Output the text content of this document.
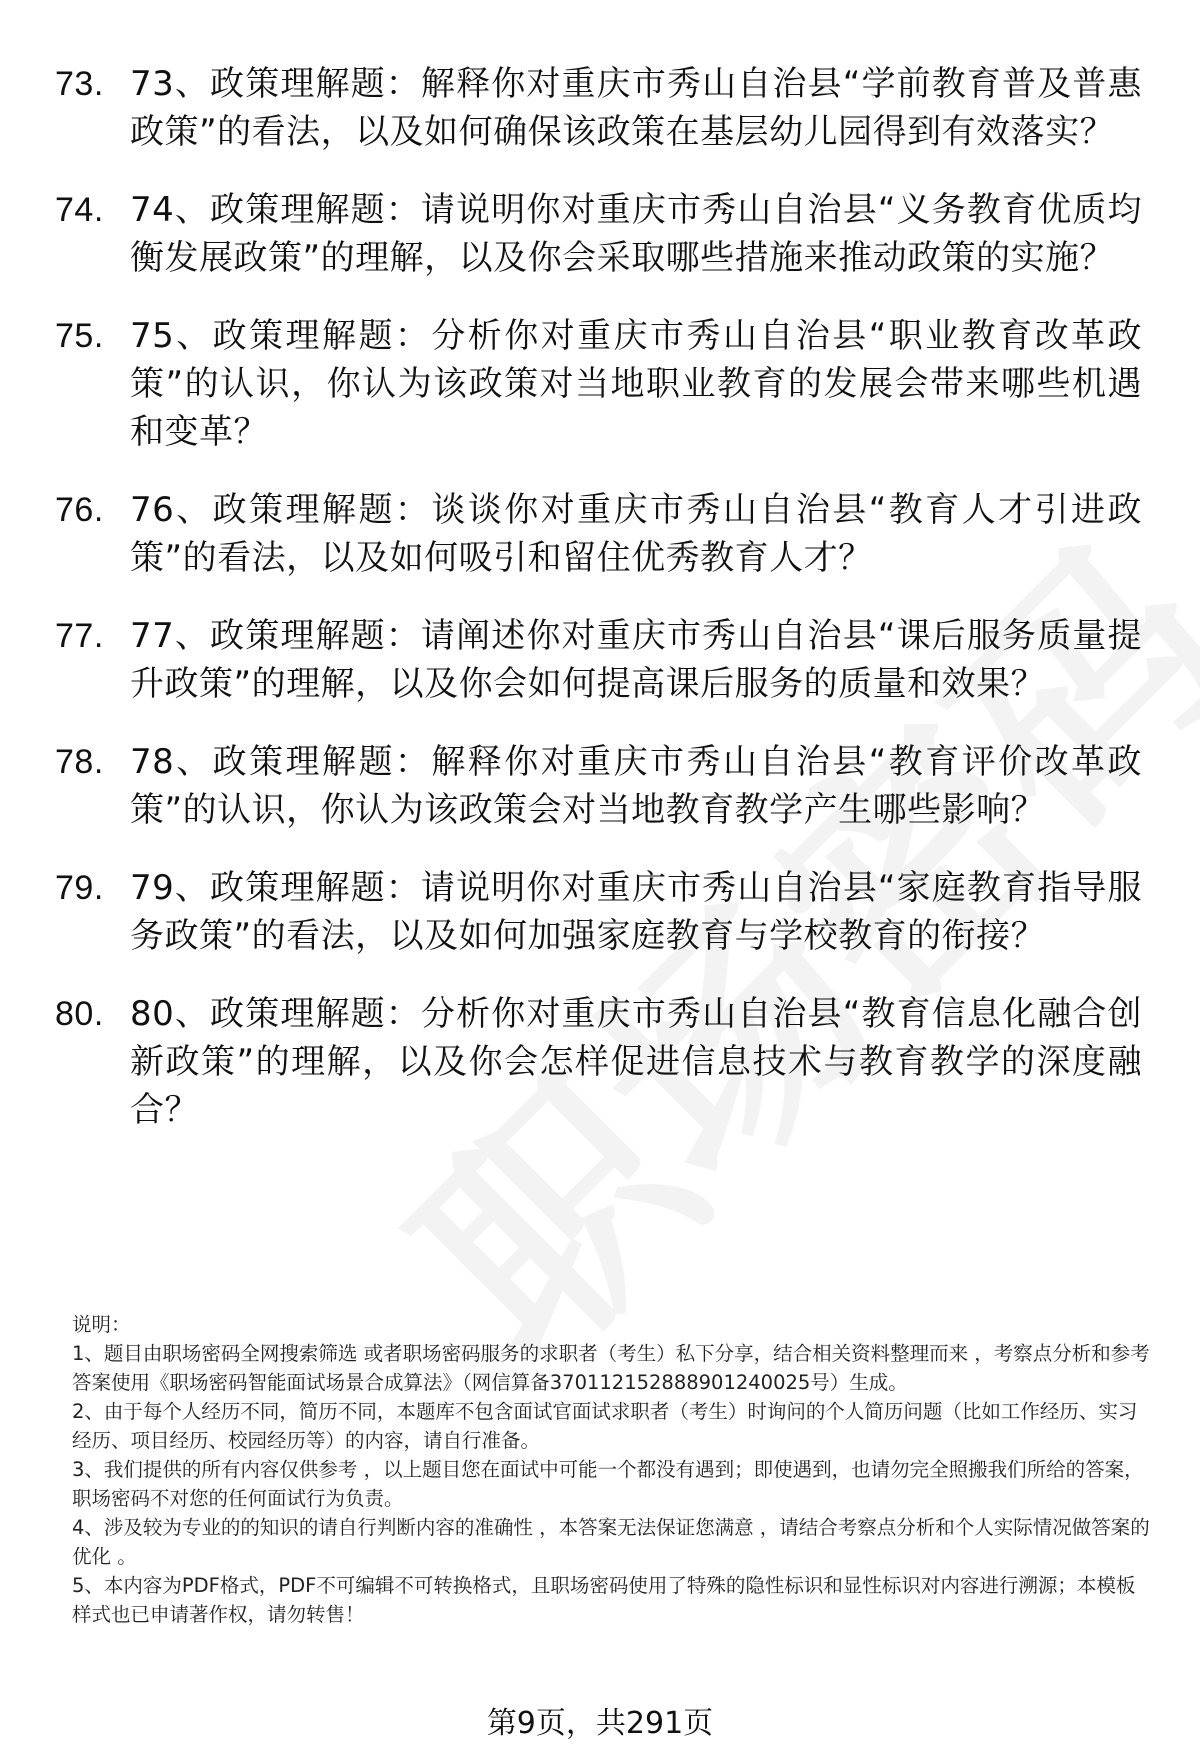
73. 73、政策理解题：解释你对重庆市秀山自治县“学前教育普及普惠政策”的看法，以及如何确保该政策在基层幼儿园得到有效落实？
74. 74、政策理解题：请说明你对重庆市秀山自治县“义务教育优质均衡发展政策”的理解，以及你会采取哪些措施来推动政策的实施？
75. 75、政策理解题：分析你对重庆市秀山自治县“职业教育改革政策”的认识，你认为该政策对当地职业教育的发展会带来哪些机遇和变革？
76. 76、政策理解题：谈谈你对重庆市秀山自治县“教育人才引进政策”的看法，以及如何吸引和留住优秀教育人才？
77. 77、政策理解题：请阐述你对重庆市秀山自治县“课后服务质量提升政策”的理解，以及你会如何提高课后服务的质量和效果？
78. 78、政策理解题：解释你对重庆市秀山自治县“教育评价改革政策”的认识，你认为该政策会对当地教育教学产生哪些影响？
79. 79、政策理解题：请说明你对重庆市秀山自治县“家庭教育指导服务政策”的看法，以及如何加强家庭教育与学校教育的衔接？
80. 80、政策理解题：分析你对重庆市秀山自治县“教育信息化融合创新政策”的理解，以及你会怎样促进信息技术与教育教学的深度融合？

说明：

1、题目由职场密码全网搜索筛选 或者职场密码服务的求职者（考生）私下分享，结合相关资料整理而来 ，考察点分析和参考答案使用《职场密码智能面试场景合成算法》（网信算备370112152888901240025号）生成。

2、由于每个人经历不同，简历不同，本题库不包含面试官面试求职者（考生）时询问的个人简历问题（比如工作经历、实习经历、项目经历、校园经历等）的内容，请自行准备。

3、我们提供的所有内容仅供参考 ，以上题目您在面试中可能一个都没有遇到；即使遇到，也请勿完全照搬我们所给的答案，职场密码不对您的任何面试行为负责。

4、涉及较为专业的的知识的请自行判断内容的准确性 ，本答案无法保证您满意 ，请结合考察点分析和个人实际情况做答案的优化 。

5、本内容为PDF格式，PDF不可编辑不可转换格式，且职场密码使用了特殊的隐性标识和显性标识对内容进行溯源；本模板样式也已申请著作权，请勿转售！

第9页，共291页
